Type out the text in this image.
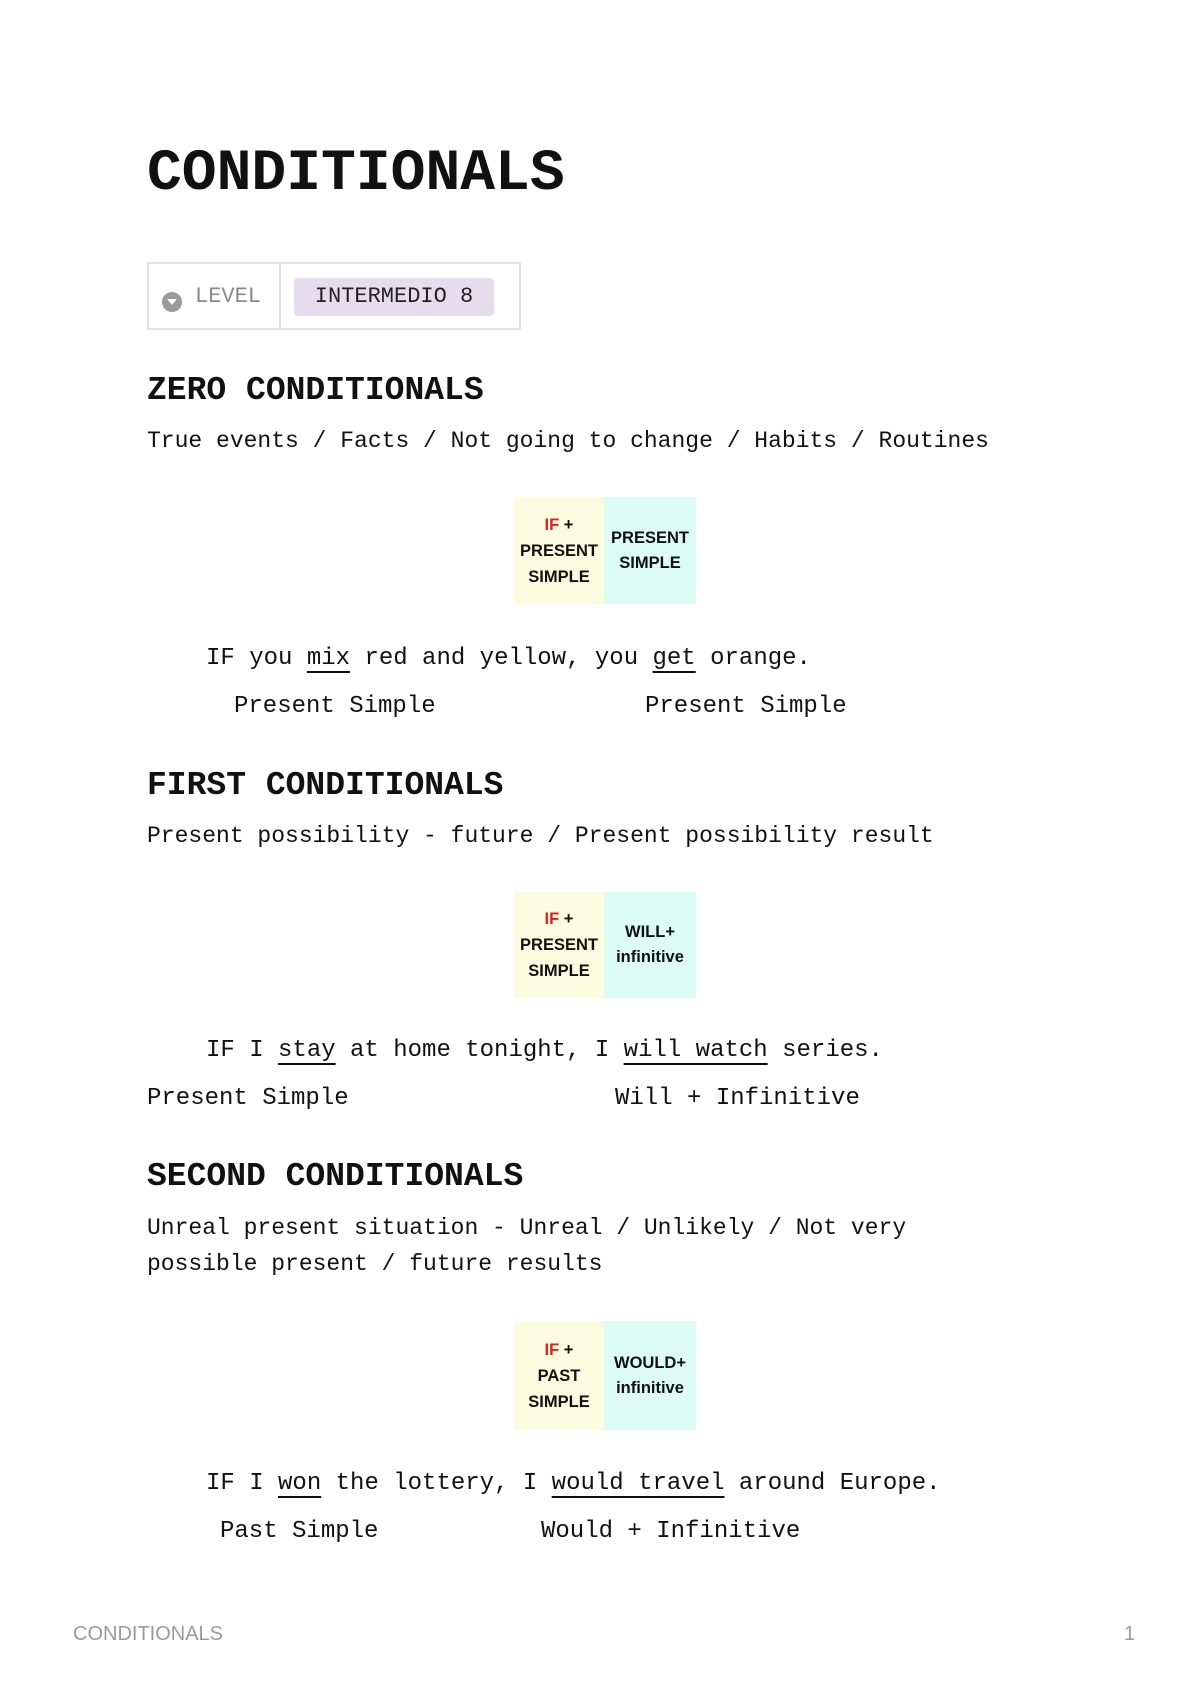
CONDITIONALS
LEVEL	INTERMEDIO 8
ZERO CONDITIONALS
True events / Facts / Not going to change / Habits / Routines
IF +
PRESENT
SIMPLE
PRESENT
SIMPLE
IF you mix red and yellow, you get orange.
Present Simple	Present Simple
FIRST CONDITIONALS
Present possibility - future / Present possibility result
IF +
PRESENT
SIMPLE
WILL+
infinitive
IF I stay at home tonight, I will watch series.
Present Simple	Will + Infinitive
SECOND CONDITIONALS
Unreal present situation - Unreal / Unlikely / Not very
possible present / future results
IF +
PAST
SIMPLE
WOULD+
infinitive
IF I won the lottery, I would travel around Europe.
Past Simple	Would + Infinitive
CONDITIONALS	1
